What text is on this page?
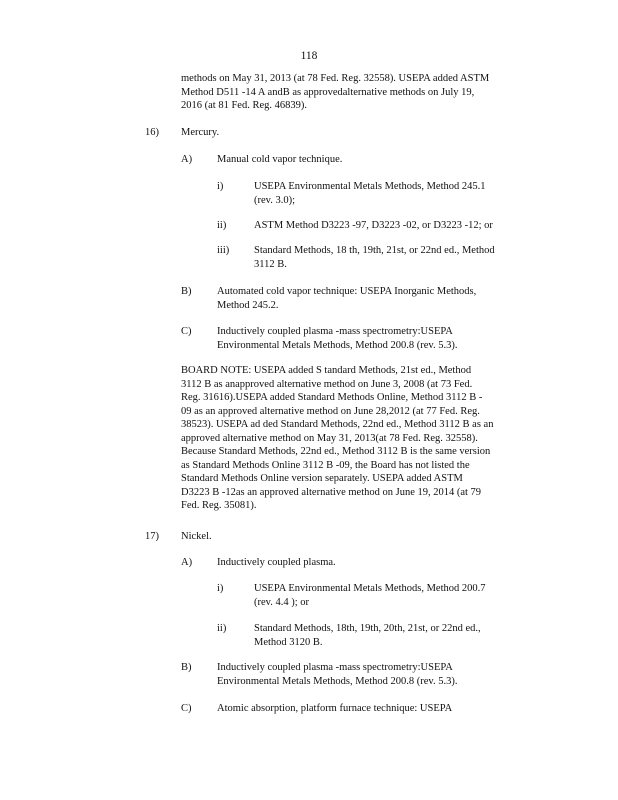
118
methods on May 31, 2013 (at 78 Fed. Reg. 32558). USEPA added ASTM
Method D511 -14 A andB as approvedalternative methods on July 19,
2016 (at 81 Fed. Reg. 46839).
16) Mercury.
A) Manual cold vapor technique.
i)	USEPA Environmental Metals Methods, Method 245.1
(rev. 3.0);
ii)	ASTM Method D3223 -97, D3223 -02, or D3223 -12; or
iii) Standard Methods, 18 th, 19th, 21st, or 22nd ed., Method
3112 B.
B) Automated cold vapor technique: USEPA Inorganic Methods,
Method 245.2.
C) Inductively coupled plasma -mass spectrometry:USEPA
Environmental Metals Methods, Method 200.8 (rev. 5.3).
BOARD NOTE: USEPA added S tandard Methods, 21st ed., Method
3112 B as anapproved alternative method on June 3, 2008 (at 73 Fed.
Reg. 31616).USEPA added Standard Methods Online, Method 3112 B -
09 as an approved alternative method on June 28,2012 (at 77 Fed. Reg.
38523). USEPA ad ded Standard Methods, 22nd ed., Method 3112 B as an
approved alternative method on May 31, 2013(at 78 Fed. Reg. 32558).
Because Standard Methods, 22nd ed., Method 3112 B is the same version
as Standard Methods Online 3112 B -09, the Board has not listed the
Standard Methods Online version separately. USEPA added ASTM
D3223 B -12as an approved alternative method on June 19, 2014 (at 79
Fed. Reg. 35081).
17) Nickel.
A) Inductively coupled plasma.
i)	USEPA Environmental Metals Methods, Method 200.7
(rev. 4.4 ); or
ii)	Standard Methods, 18th, 19th, 20th, 21st, or 22nd ed.,
Method 3120 B.
B) Inductively coupled plasma -mass spectrometry:USEPA
Environmental Metals Methods, Method 200.8 (rev. 5.3).
C) Atomic absorption, platform furnace technique: USEPA
